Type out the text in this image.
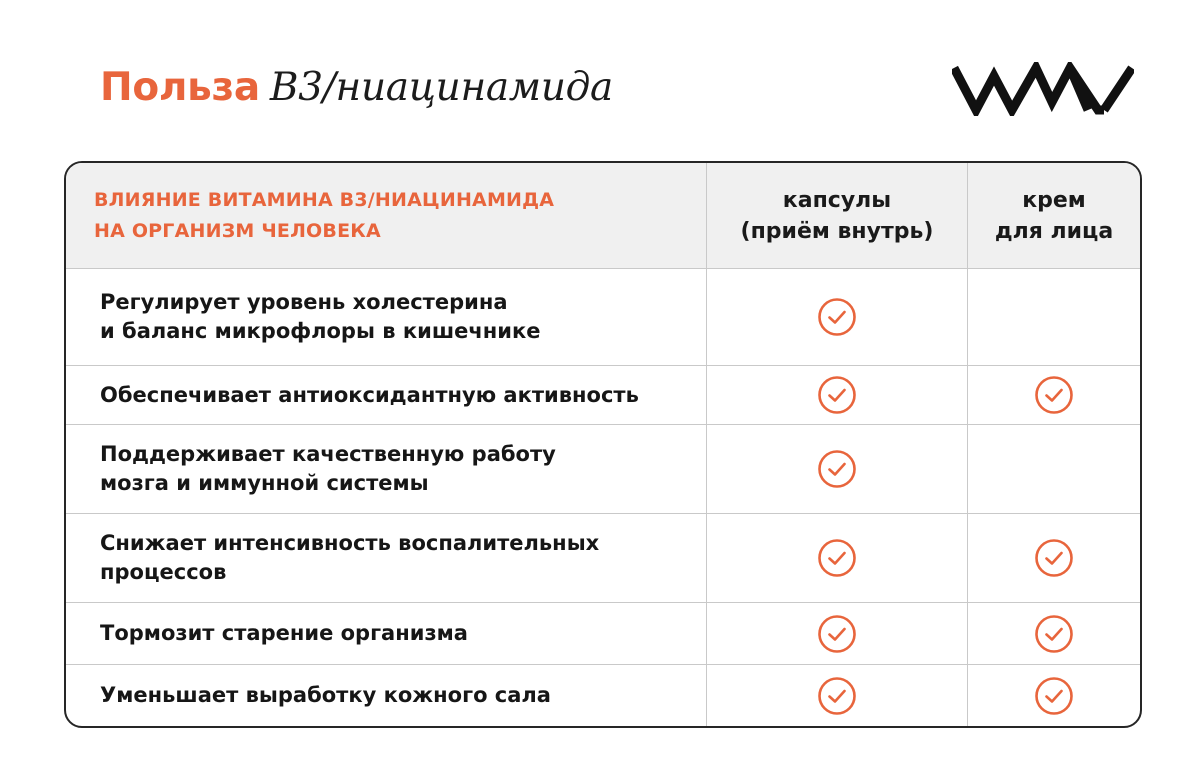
Польза В3/ниацинамида
ВЛИЯНИЕ ВИТАМИНА В3/НИАЦИНАМИДА
НА ОРГАНИЗМ ЧЕЛОВЕКА
капсулы
(приём внутрь)
крем
для лица
Регулирует уровень холестерина
и баланс микрофлоры в кишечнике
Обеспечивает антиоксидантную активность
Поддерживает качественную работу
мозга и иммунной системы
Снижает интенсивность воспалительных
процессов
Тормозит старение организма
Уменьшает выработку кожного сала
